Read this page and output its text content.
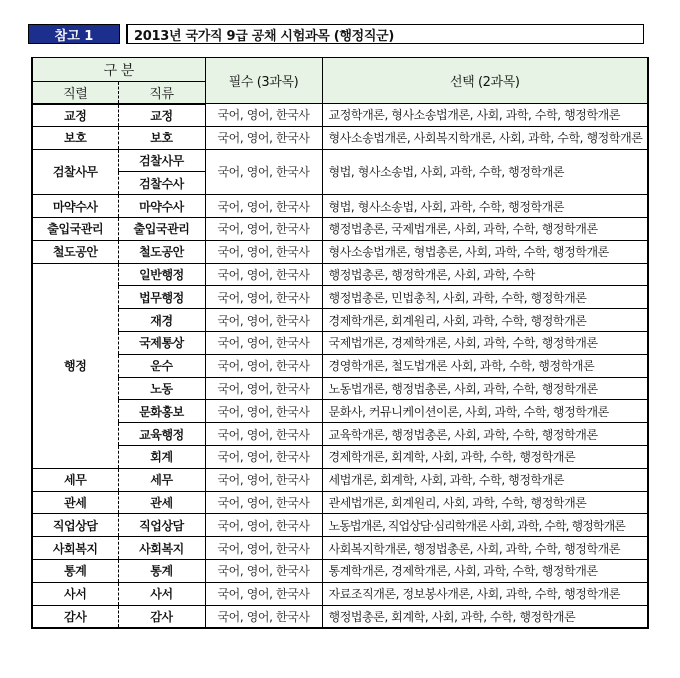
참고 1	2013년 국가직 9급 공채 시험과목 (행정직군)
구 분		필수 (3과목)	선택 (2과목)
직렬	직류		
교정	교정	국어, 영어, 한국사	교정학개론, 형사소송법개론, 사회, 과학, 수학, 행정학개론
보호	보호	국어, 영어, 한국사	형사소송법개론, 사회복지학개론, 사회, 과학, 수학, 행정학개론
검찰사무	검찰사무	국어, 영어, 한국사	형법, 형사소송법, 사회, 과학, 수학, 행정학개론
	검찰수사		
마약수사	마약수사	국어, 영어, 한국사	형법, 형사소송법, 사회, 과학, 수학, 행정학개론
출입국관리	출입국관리	국어, 영어, 한국사	행정법총론, 국제법개론, 사회, 과학, 수학, 행정학개론
철도공안	철도공안	국어, 영어, 한국사	형사소송법개론, 형법총론, 사회, 과학, 수학, 행정학개론
행정	일반행정	국어, 영어, 한국사	행정법총론, 행정학개론, 사회, 과학, 수학
	법무행정	국어, 영어, 한국사	행정법총론, 민법총칙, 사회, 과학, 수학, 행정학개론
	재경	국어, 영어, 한국사	경제학개론, 회계원리, 사회, 과학, 수학, 행정학개론
	국제통상	국어, 영어, 한국사	국제법개론, 경제학개론, 사회, 과학, 수학, 행정학개론
	운수	국어, 영어, 한국사	경영학개론, 철도법개론 사회, 과학, 수학, 행정학개론
	노동	국어, 영어, 한국사	노동법개론, 행정법총론, 사회, 과학, 수학, 행정학개론
	문화홍보	국어, 영어, 한국사	문화사, 커뮤니케이션이론, 사회, 과학, 수학, 행정학개론
	교육행정	국어, 영어, 한국사	교육학개론, 행정법총론, 사회, 과학, 수학, 행정학개론
	회계	국어, 영어, 한국사	경제학개론, 회계학, 사회, 과학, 수학, 행정학개론
세무	세무	국어, 영어, 한국사	세법개론, 회계학, 사회, 과학, 수학, 행정학개론
관세	관세	국어, 영어, 한국사	관세법개론, 회계원리, 사회, 과학, 수학, 행정학개론
직업상담	직업상담	국어, 영어, 한국사	노동법개론, 직업상담·심리학개론 사회, 과학, 수학, 행정학개론
사회복지	사회복지	국어, 영어, 한국사	사회복지학개론, 행정법총론, 사회, 과학, 수학, 행정학개론
통계	통계	국어, 영어, 한국사	통계학개론, 경제학개론, 사회, 과학, 수학, 행정학개론
사서	사서	국어, 영어, 한국사	자료조직개론, 정보봉사개론, 사회, 과학, 수학, 행정학개론
감사	감사	국어, 영어, 한국사	행정법총론, 회계학, 사회, 과학, 수학, 행정학개론
